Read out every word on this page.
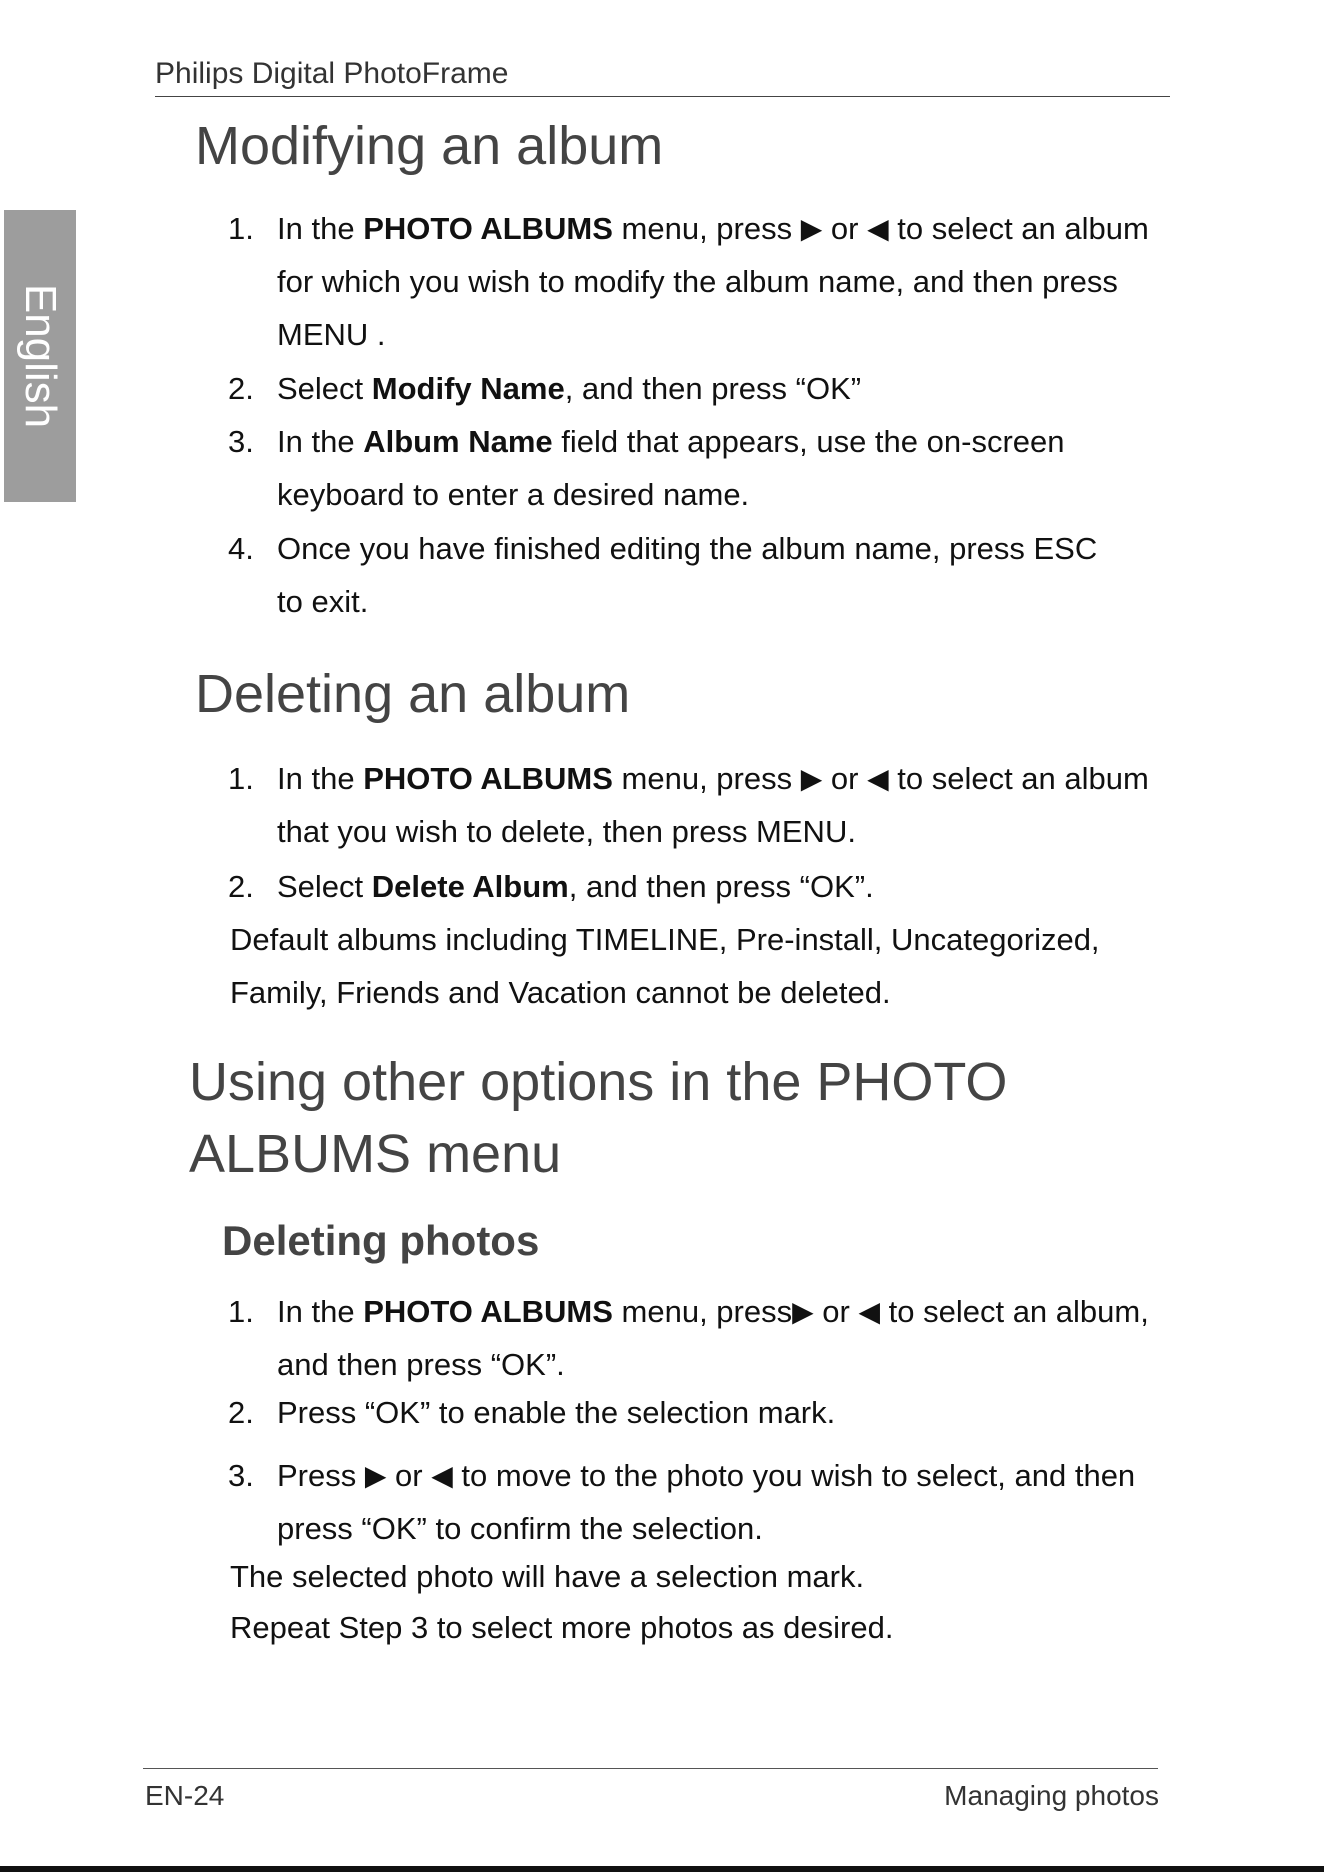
Philips Digital PhotoFrame
English
Modifying an album
1. In the PHOTO ALBUMS menu, press ▶ or ◀ to select an album for which you wish to modify the album name, and then press MENU .
2. Select Modify Name, and then press “OK”
3. In the Album Name field that appears, use the on-screen keyboard to enter a desired name.
4. Once you have finished editing the album name, press ESC to exit.
Deleting an album
1. In the PHOTO ALBUMS menu, press ▶ or ◀ to select an album that you wish to delete, then press MENU.
2. Select Delete Album, and then press “OK”.
Default albums including TIMELINE, Pre-install, Uncategorized, Family, Friends and Vacation cannot be deleted.
Using other options in the PHOTO
ALBUMS menu
Deleting photos
1. In the PHOTO ALBUMS menu, press▶ or ◀ to select an album, and then press “OK”.
2. Press “OK” to enable the selection mark.
3. Press ▶ or ◀ to move to the photo you wish to select, and then press “OK” to confirm the selection.
The selected photo will have a selection mark.
Repeat Step 3 to select more photos as desired.
EN-24	Managing photos
